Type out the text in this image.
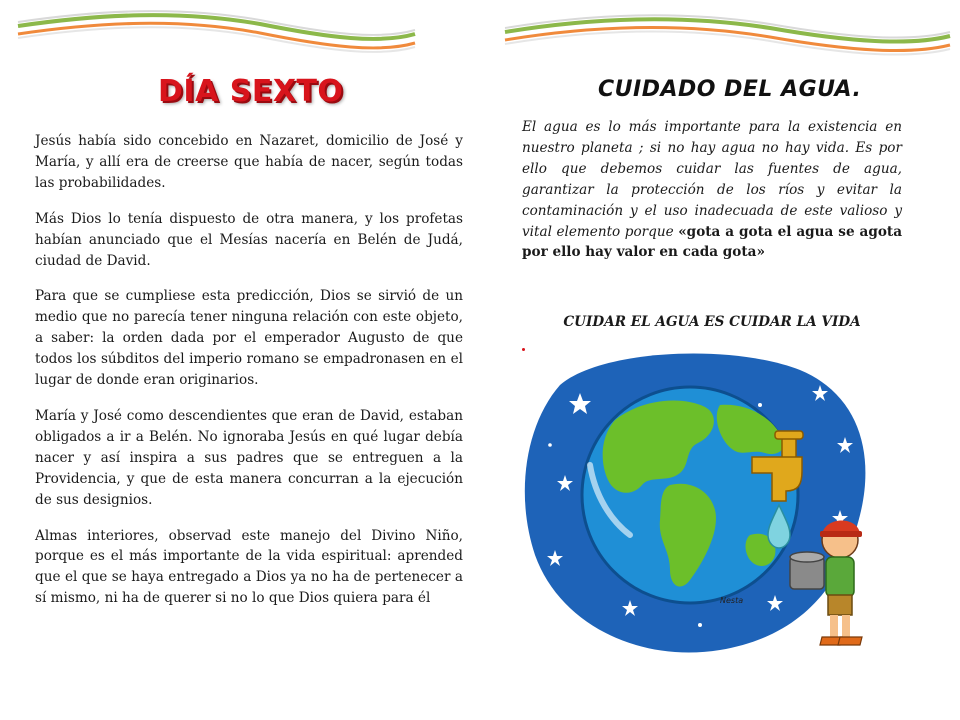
DÍA SEXTO

Jesús había sido concebido en Nazaret, domicilio de José y María, y allí era de creerse que había de nacer, según todas las probabilidades.

Más Dios lo tenía dispuesto de otra manera, y los profetas habían anunciado que el Mesías nacería en Belén de Judá, ciudad de David.

Para que se cumpliese esta predicción, Dios se sirvió de un medio que no parecía tener ninguna relación con este objeto, a saber: la orden dada por el emperador Augusto de que todos los súbditos del imperio romano se empadronasen en el lugar de donde eran originarios.

María y José como descendientes que eran de David, estaban obligados a ir a Belén. No ignoraba Jesús en qué lugar debía nacer y así inspira a sus padres que se entreguen a la Providencia, y que de esta manera concurran a la ejecución de sus designios.

Almas interiores, observad este manejo del Divino Niño, porque es el más importante de la vida espiritual: aprended que el que se haya entregado a Dios ya no ha de pertenecer a sí mismo, ni ha de querer si no lo que Dios quiera para él

CUIDADO DEL AGUA.
El agua es lo más importante para la existencia en nuestro planeta ; si no hay agua no hay vida. Es por ello que debemos cuidar las fuentes de agua, garantizar la protección de los ríos y evitar la contaminación y el uso inadecuada de este valioso y vital elemento porque «gota a gota el agua se agota por ello hay valor en cada gota»
CUIDAR EL AGUA ES CUIDAR LA VIDA
Nesta
